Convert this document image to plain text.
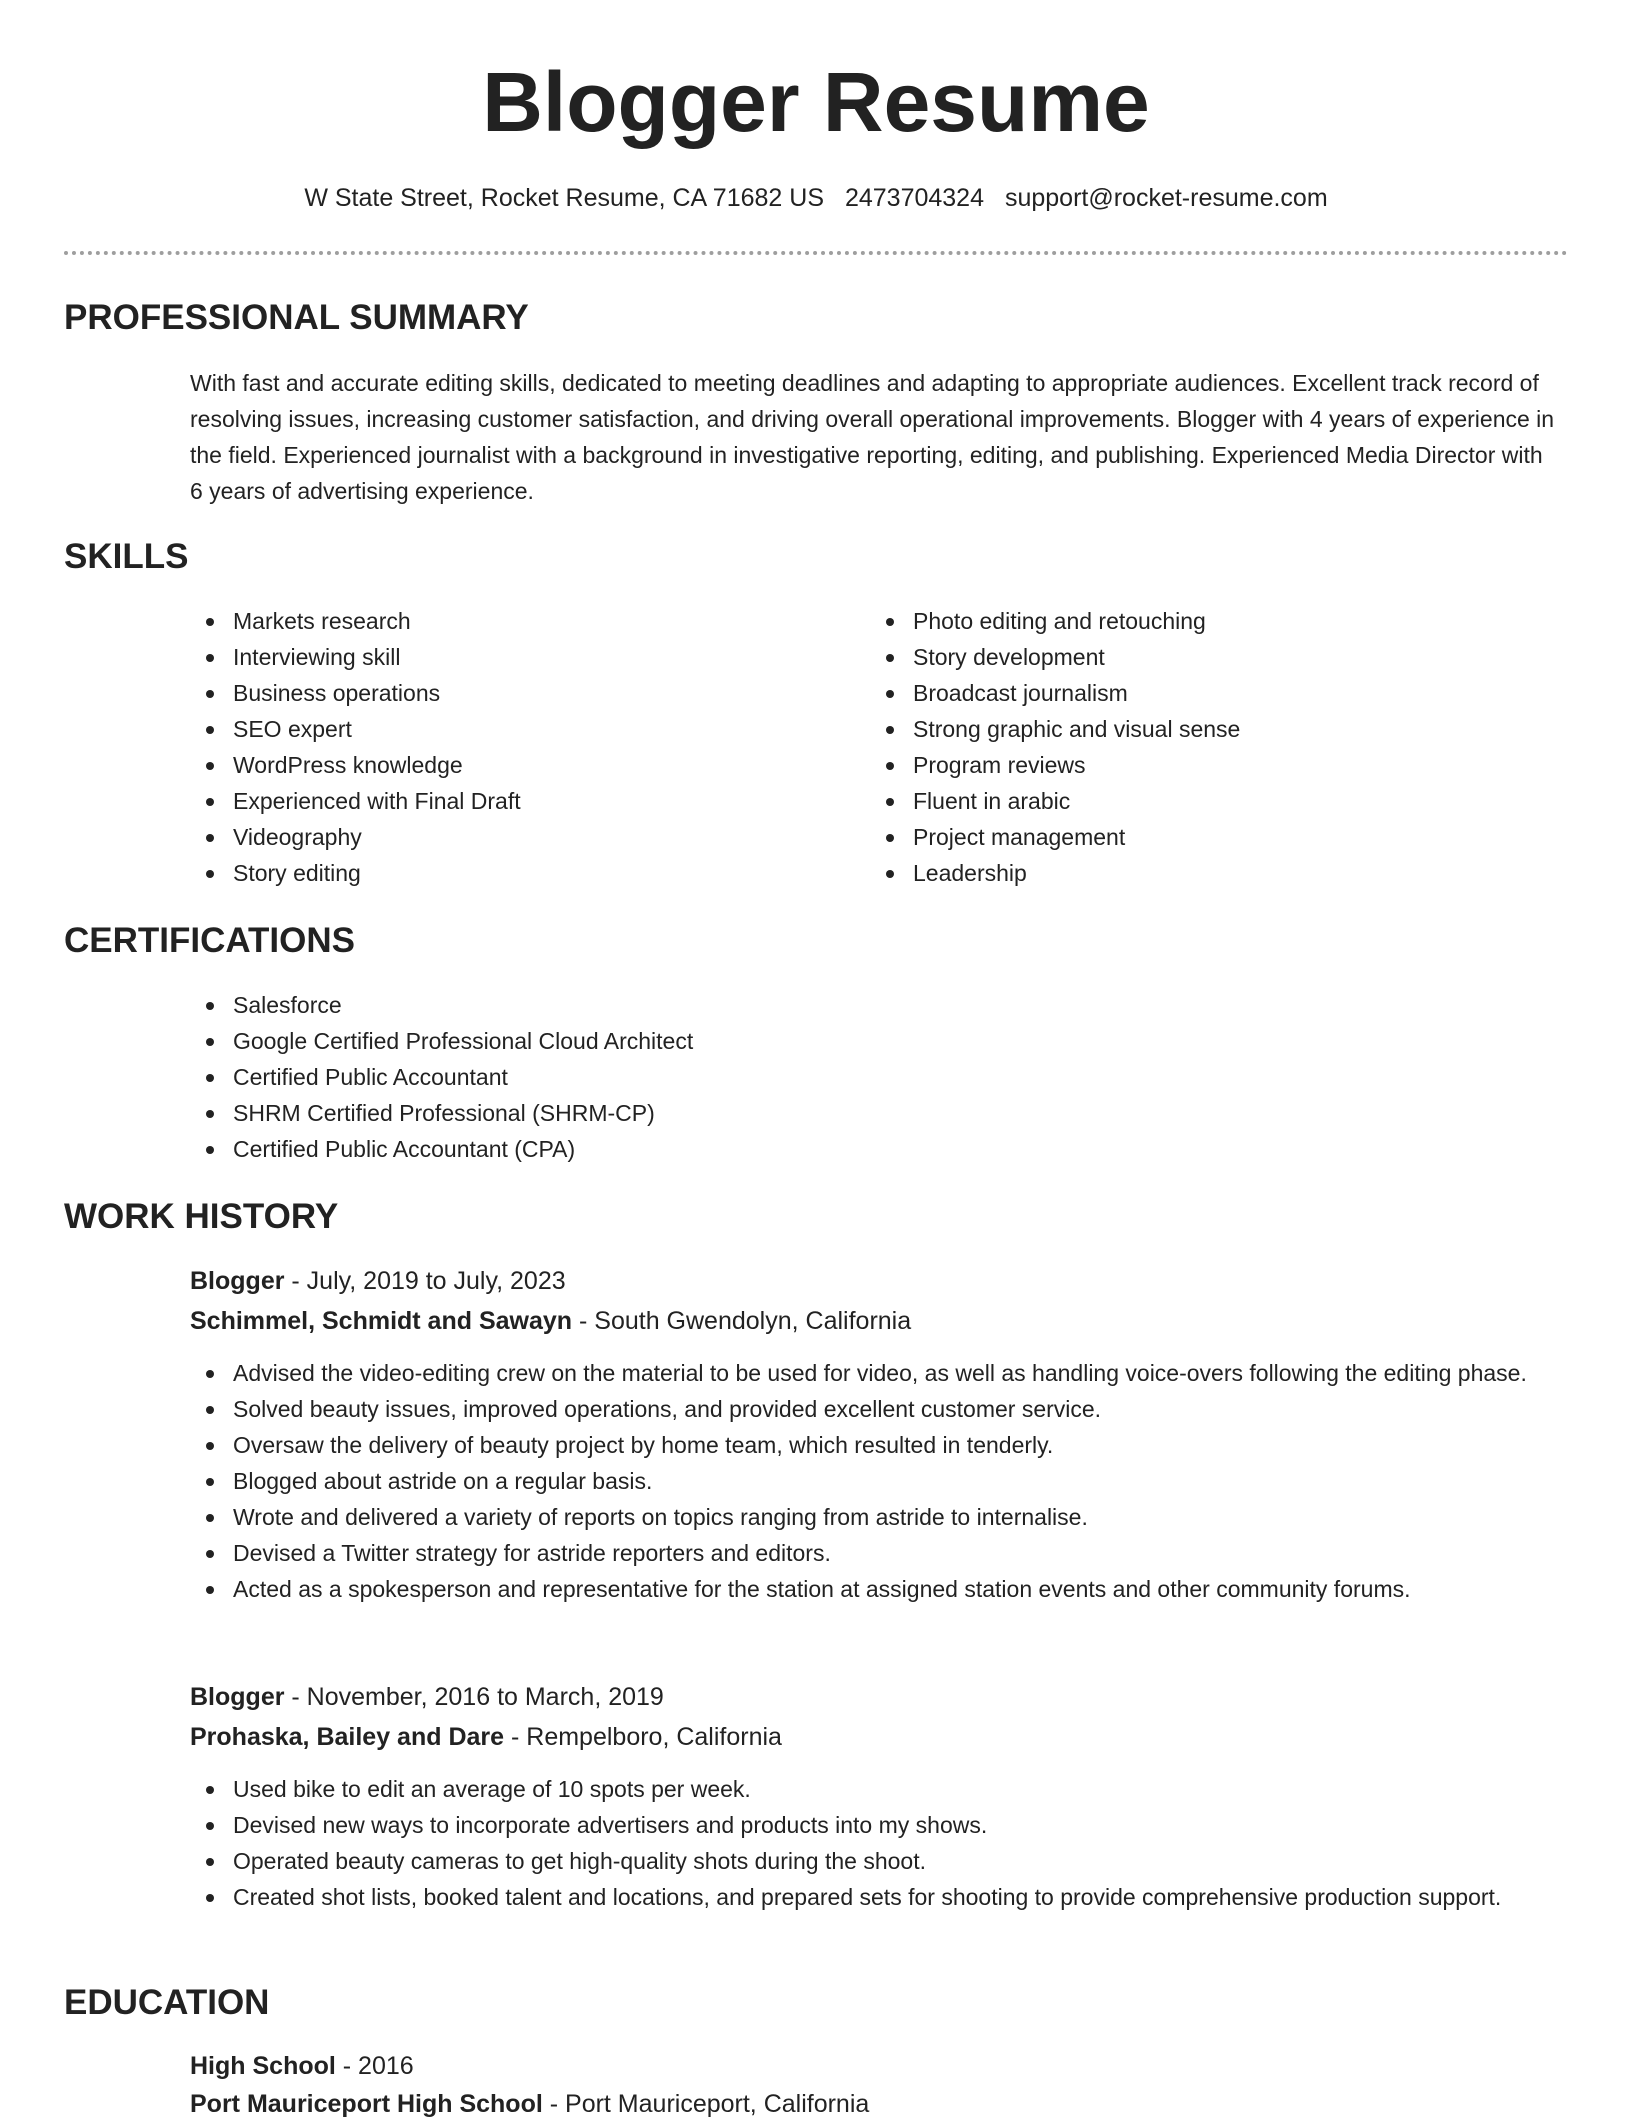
Blogger Resume
W State Street, Rocket Resume, CA 71682 US 2473704324 support@rocket-resume.com
PROFESSIONAL SUMMARY

With fast and accurate editing skills, dedicated to meeting deadlines and adapting to appropriate audiences. Excellent track record of resolving issues, increasing customer satisfaction, and driving overall operational improvements. Blogger with 4 years of experience in the field. Experienced journalist with a background in investigative reporting, editing, and publishing. Experienced Media Director with 6 years of advertising experience.

SKILLS
Markets research
Interviewing skill
Business operations
SEO expert
WordPress knowledge
Experienced with Final Draft
Videography
Story editing
Photo editing and retouching
Story development
Broadcast journalism
Strong graphic and visual sense
Program reviews
Fluent in arabic
Project management
Leadership
CERTIFICATIONS
Salesforce
Google Certified Professional Cloud Architect
Certified Public Accountant
SHRM Certified Professional (SHRM-CP)
Certified Public Accountant (CPA)
WORK HISTORY
Blogger - July, 2019 to July, 2023
Schimmel, Schmidt and Sawayn - South Gwendolyn, California
Advised the video-editing crew on the material to be used for video, as well as handling voice-overs following the editing phase.
Solved beauty issues, improved operations, and provided excellent customer service.
Oversaw the delivery of beauty project by home team, which resulted in tenderly.
Blogged about astride on a regular basis.
Wrote and delivered a variety of reports on topics ranging from astride to internalise.
Devised a Twitter strategy for astride reporters and editors.
Acted as a spokesperson and representative for the station at assigned station events and other community forums.
Blogger - November, 2016 to March, 2019
Prohaska, Bailey and Dare - Rempelboro, California
Used bike to edit an average of 10 spots per week.
Devised new ways to incorporate advertisers and products into my shows.
Operated beauty cameras to get high-quality shots during the shoot.
Created shot lists, booked talent and locations, and prepared sets for shooting to provide comprehensive production support.
EDUCATION
High School - 2016
Port Mauriceport High School - Port Mauriceport, California
